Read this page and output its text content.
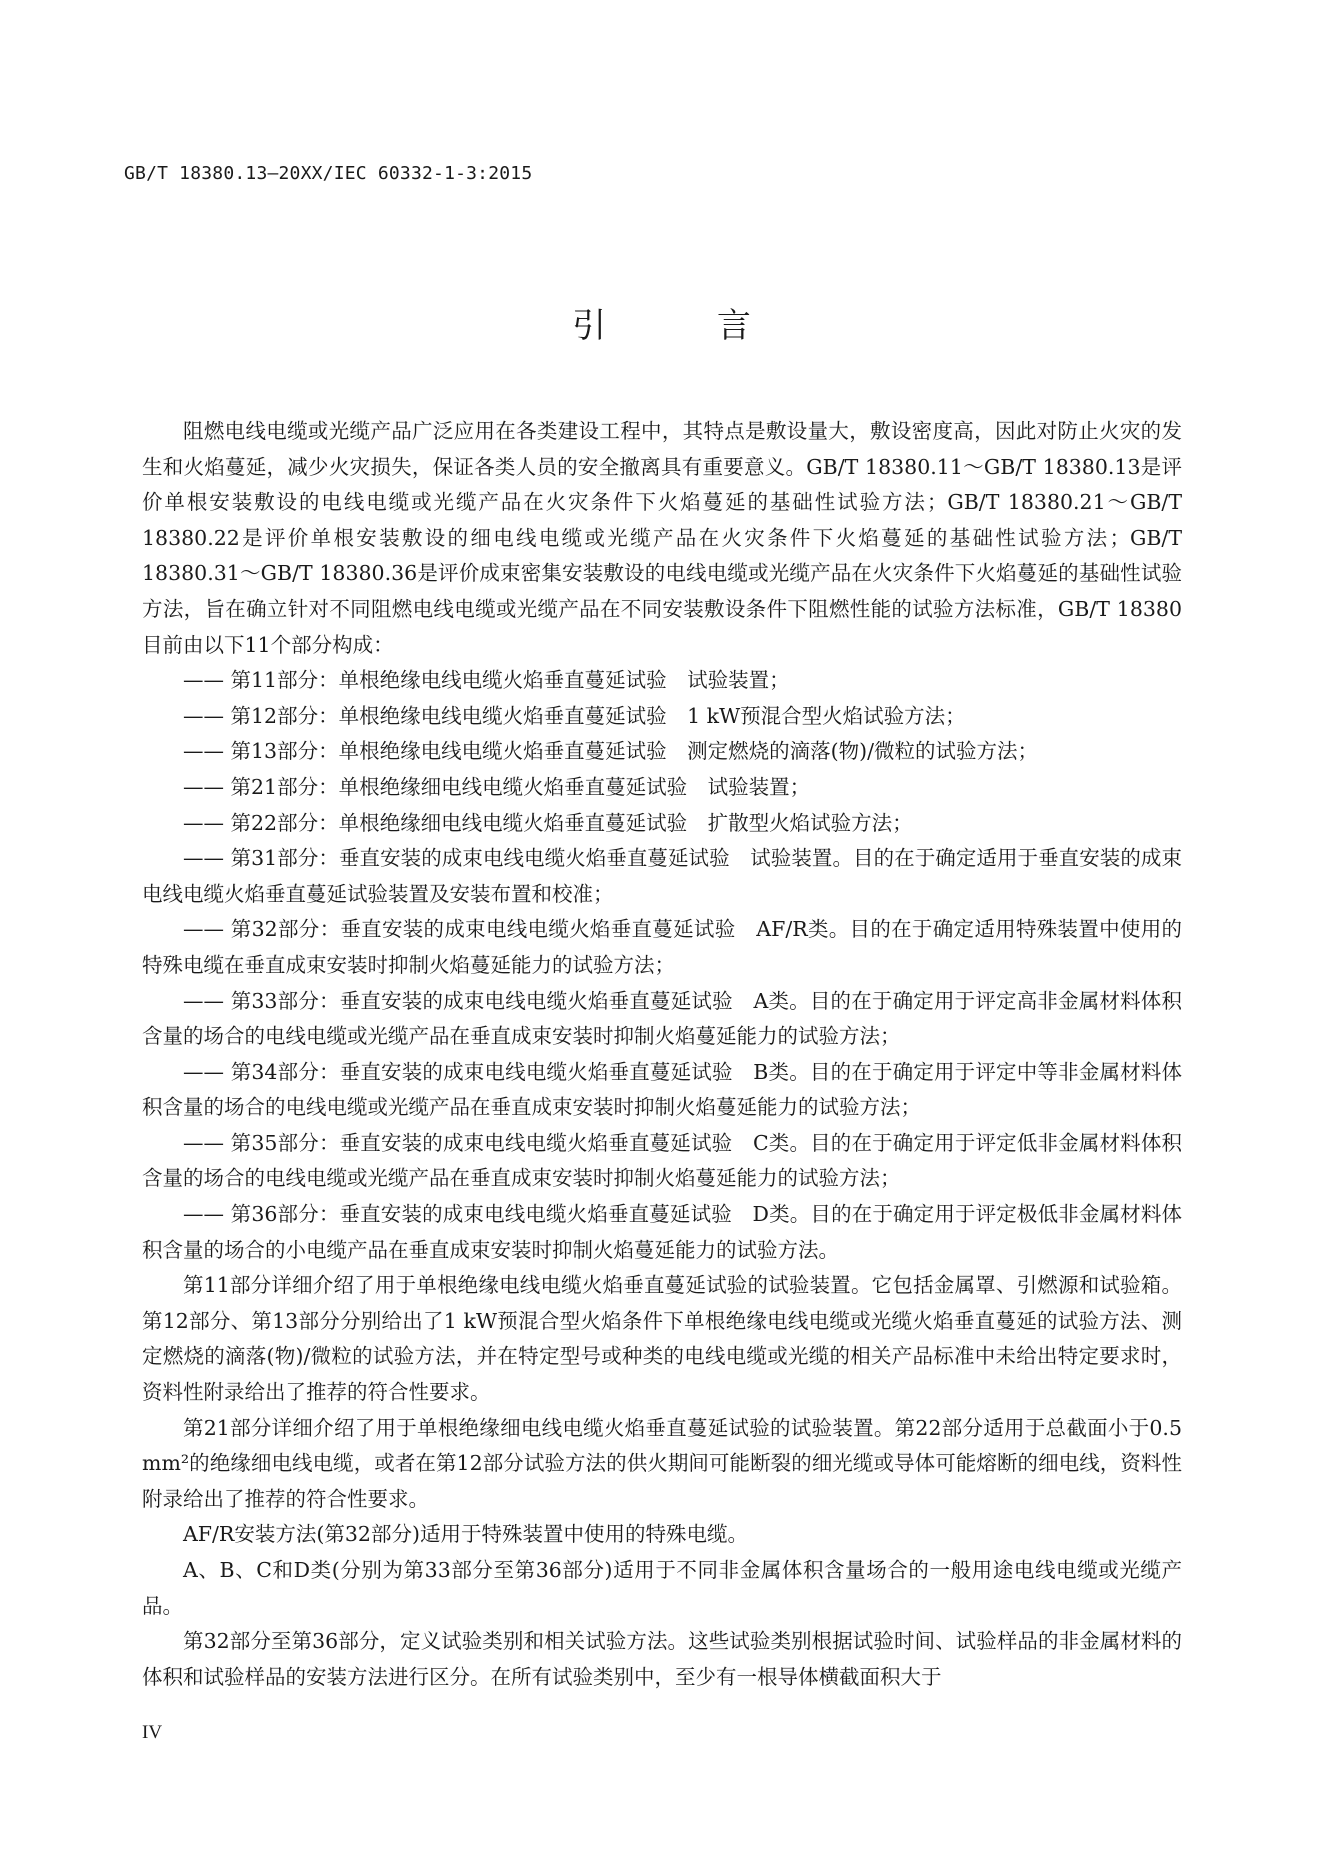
GB/T 18380.13—20XX/IEC 60332-1-3:2015
引 言

阻燃电线电缆或光缆产品广泛应用在各类建设工程中，其特点是敷设量大，敷设密度高，因此对防止火灾的发生和火焰蔓延，减少火灾损失，保证各类人员的安全撤离具有重要意义。GB/T 18380.11～GB/T 18380.13是评价单根安装敷设的电线电缆或光缆产品在火灾条件下火焰蔓延的基础性试验方法；GB/T 18380.21～GB/T 18380.22是评价单根安装敷设的细电线电缆或光缆产品在火灾条件下火焰蔓延的基础性试验方法；GB/T 18380.31～GB/T 18380.36是评价成束密集安装敷设的电线电缆或光缆产品在火灾条件下火焰蔓延的基础性试验方法，旨在确立针对不同阻燃电线电缆或光缆产品在不同安装敷设条件下阻燃性能的试验方法标准，GB/T 18380目前由以下11个部分构成：

—— 第11部分：单根绝缘电线电缆火焰垂直蔓延试验　试验装置；

—— 第12部分：单根绝缘电线电缆火焰垂直蔓延试验　1 kW预混合型火焰试验方法；

—— 第13部分：单根绝缘电线电缆火焰垂直蔓延试验　测定燃烧的滴落(物)/微粒的试验方法；

—— 第21部分：单根绝缘细电线电缆火焰垂直蔓延试验　试验装置；

—— 第22部分：单根绝缘细电线电缆火焰垂直蔓延试验　扩散型火焰试验方法；

—— 第31部分：垂直安装的成束电线电缆火焰垂直蔓延试验　试验装置。目的在于确定适用于垂直安装的成束电线电缆火焰垂直蔓延试验装置及安装布置和校准；

—— 第32部分：垂直安装的成束电线电缆火焰垂直蔓延试验　AF/R类。目的在于确定适用特殊装置中使用的特殊电缆在垂直成束安装时抑制火焰蔓延能力的试验方法；

—— 第33部分：垂直安装的成束电线电缆火焰垂直蔓延试验　A类。目的在于确定用于评定高非金属材料体积含量的场合的电线电缆或光缆产品在垂直成束安装时抑制火焰蔓延能力的试验方法；

—— 第34部分：垂直安装的成束电线电缆火焰垂直蔓延试验　B类。目的在于确定用于评定中等非金属材料体积含量的场合的电线电缆或光缆产品在垂直成束安装时抑制火焰蔓延能力的试验方法；

—— 第35部分：垂直安装的成束电线电缆火焰垂直蔓延试验　C类。目的在于确定用于评定低非金属材料体积含量的场合的电线电缆或光缆产品在垂直成束安装时抑制火焰蔓延能力的试验方法；

—— 第36部分：垂直安装的成束电线电缆火焰垂直蔓延试验　D类。目的在于确定用于评定极低非金属材料体积含量的场合的小电缆产品在垂直成束安装时抑制火焰蔓延能力的试验方法。

第11部分详细介绍了用于单根绝缘电线电缆火焰垂直蔓延试验的试验装置。它包括金属罩、引燃源和试验箱。第12部分、第13部分分别给出了1 kW预混合型火焰条件下单根绝缘电线电缆或光缆火焰垂直蔓延的试验方法、测定燃烧的滴落(物)/微粒的试验方法，并在特定型号或种类的电线电缆或光缆的相关产品标准中未给出特定要求时，资料性附录给出了推荐的符合性要求。

第21部分详细介绍了用于单根绝缘细电线电缆火焰垂直蔓延试验的试验装置。第22部分适用于总截面小于0.5 mm²的绝缘细电线电缆，或者在第12部分试验方法的供火期间可能断裂的细光缆或导体可能熔断的细电线，资料性附录给出了推荐的符合性要求。

AF/R安装方法(第32部分)适用于特殊装置中使用的特殊电缆。

A、B、C和D类(分别为第33部分至第36部分)适用于不同非金属体积含量场合的一般用途电线电缆或光缆产品。

第32部分至第36部分，定义试验类别和相关试验方法。这些试验类别根据试验时间、试验样品的非金属材料的体积和试验样品的安装方法进行区分。在所有试验类别中，至少有一根导体横截面积大于

IV
